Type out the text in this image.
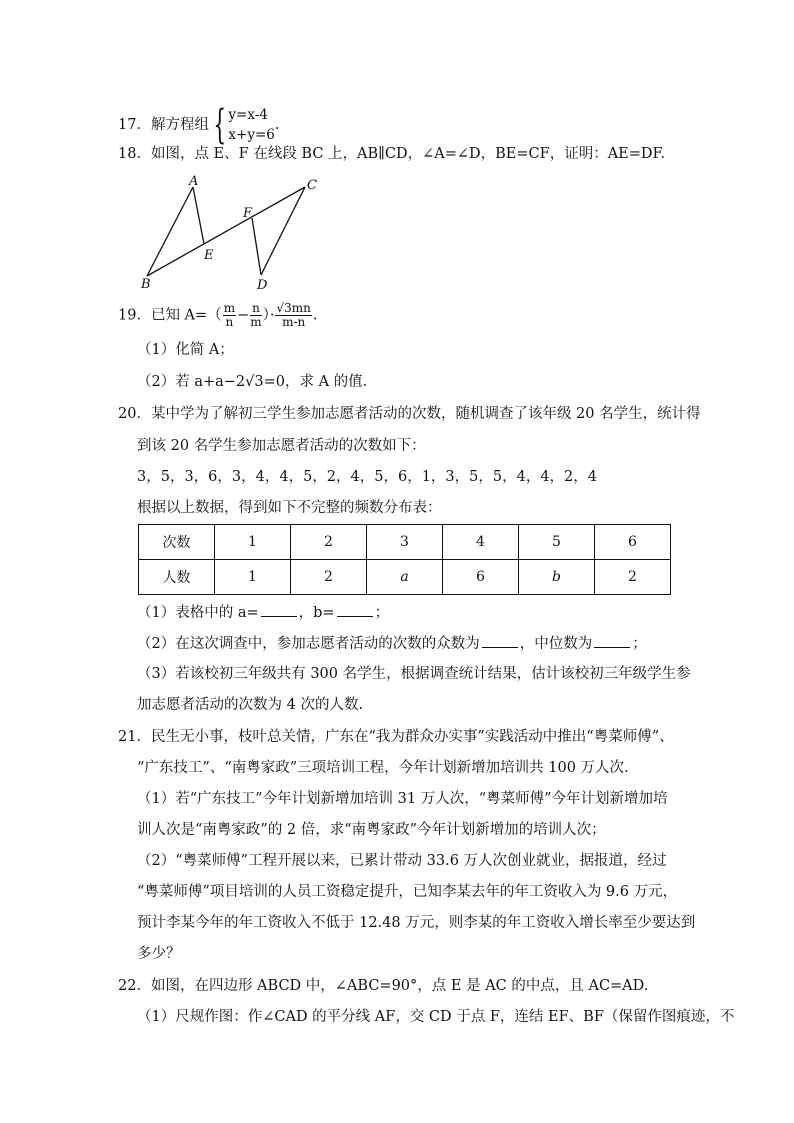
17．解方程组 { y=x-4
x+y=6
.
18．如图，点 E、F 在线段 BC 上，AB∥CD，∠A=∠D，BE=CF，证明：AE=DF.
A
B
C
D
E
F
19．已知 $A=( \frac{m}{n} - \frac{n}{m}$ ）· $\frac{√3mn}{m-n}$ .
（1）化简 A；
（2）若 a+a−2√3=0，求 A 的值.
20．某中学为了解初三学生参加志愿者活动的次数，随机调查了该年级 20 名学生，统计得
到该 20 名学生参加志愿者活动的次数如下：
3，5，3，6，3，4，4，5，2，4，5，6，1，3，5，5，4，4，2，4
根据以上数据，得到如下不完整的频数分布表：
次数	1	2	3	4	5	6
人数	1	2	a	6	b	2
（1）表格中的 a=	，b=	；
（2）在这次调查中，参加志愿者活动的次数的众数为	，中位数为	；
（3）若该校初三年级共有 300 名学生，根据调查统计结果，估计该校初三年级学生参
加志愿者活动的次数为 4 次的人数.
21．民生无小事，枝叶总关情，广东在“我为群众办实事”实践活动中推出“粤菜师傅”、
“广东技工”、“南粤家政”三项培训工程，今年计划新增加培训共 100 万人次.
（1）若“广东技工”今年计划新增加培训 31 万人次，“粤菜师傅”今年计划新增加培
训人次是“南粤家政”的 2 倍，求“南粤家政”今年计划新增加的培训人次；
（2）“粤菜师傅”工程开展以来，已累计带动 33.6 万人次创业就业，据报道，经过
“粤菜师傅”项目培训的人员工资稳定提升，已知李某去年的年工资收入为 9.6 万元，
预计李某今年的年工资收入不低于 12.48 万元，则李某的年工资收入增长率至少要达到
多少？
22．如图，在四边形 ABCD 中，∠ABC=90°，点 E 是 AC 的中点，且 AC=AD.
（1）尺规作图：作∠CAD 的平分线 AF，交 CD 于点 F，连结 EF、BF（保留作图痕迹，不
